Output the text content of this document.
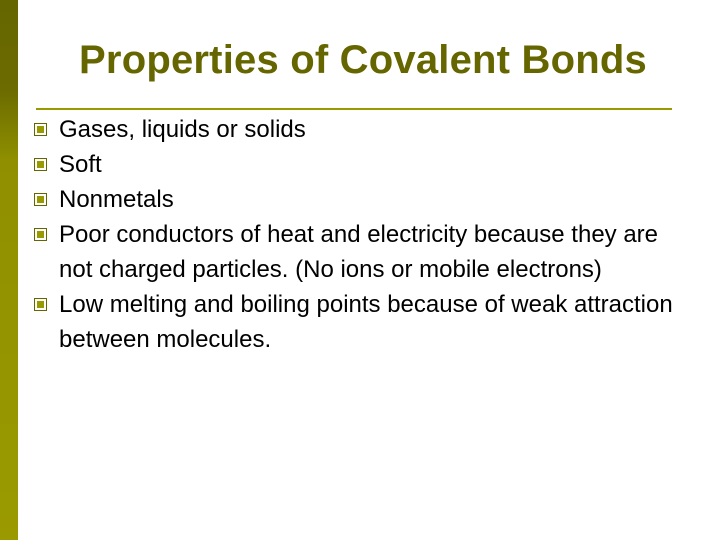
Properties of Covalent Bonds
Gases, liquids or solids
Soft
Nonmetals
Poor conductors of heat and electricity because they are not charged particles. (No ions or mobile electrons)
Low melting and boiling points because of weak attraction between molecules.
